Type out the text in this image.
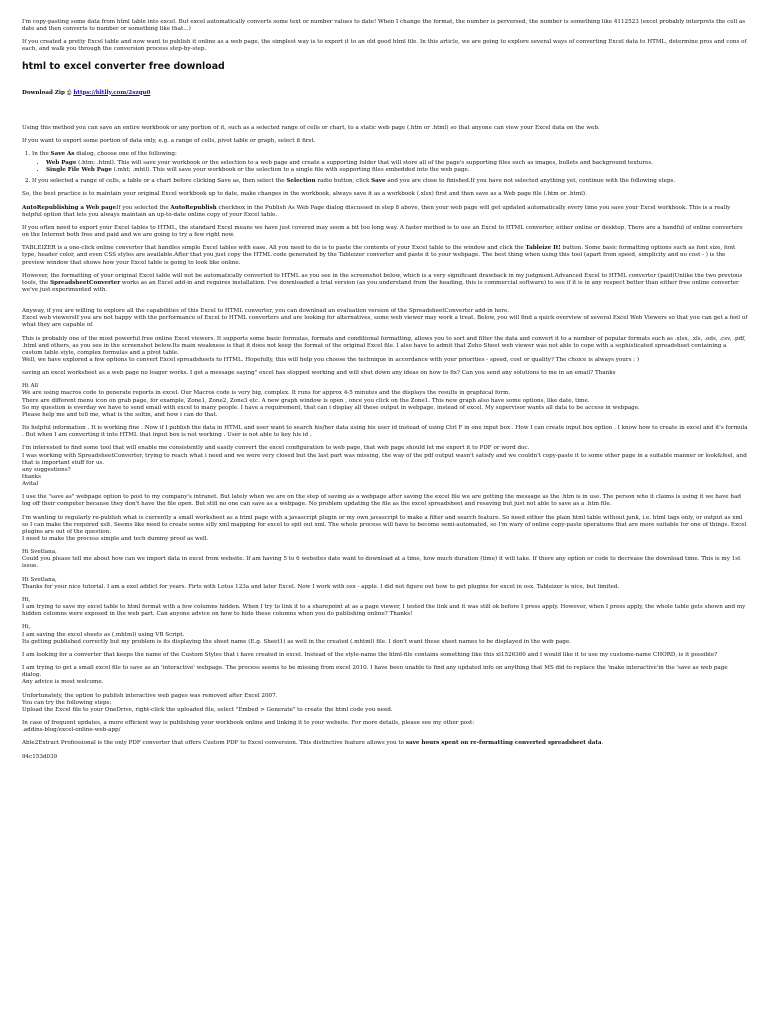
I'm copy-pasting some data from html table into excel. But excel automatically converts some text or number values to date! When I change the format, the number is perversed, the number is something like 4112523 (excel probably interprets the cell as date and then converts to number or something like that...)

If you created a pretty Excel table and now want to publish it online as a web page, the simplest way is to export it to an old good html file. In this article, we are going to explore several ways of converting Excel data to HTML, determine pros and cons of each, and walk you through the conversion process step-by-step.

html to excel converter free download

Download Zip ⎙ https://bltlly.com/2szqu0

Using this method you can save an entire workbook or any portion of it, such as a selected range of cells or chart, to a static web page (.htm or .html) so that anyone can view your Excel data on the web.

If you want to export some portion of data only, e.g. a range of cells, pivot table or graph, select it first.

1. In the Save As dialog, choose one of the following:
• Web Page (.htm; .html). This will save your workbook or the selection to a web page and create a supporting folder that will store all of the page's supporting files such as images, bullets and background textures.
• Single File Web Page (.mht; .mhtl). This will save your workbook or the selection to a single file with supporting files embedded into the web page.
2. If you selected a range of cells, a table or a chart before clicking Save as, then select the Selection radio button, click Save and you are close to finished.If you have not selected anything yet, continue with the following steps.

So, the best practice is to maintain your original Excel workbook up to date, make changes in the workbook, always save it as a workbook (.xlsx) first and then save as a Web page file (.htm or .html).

AutoRepublishing a Web pageIf you selected the AutoRepublish checkbox in the Publish As Web Page dialog discussed in step 8 above, then your web page will get updated automatically every time you save your Excel workbook. This is a really helpful option that lets you always maintain an up-to-date online copy of your Excel table.

If you often need to export your Excel tables to HTML, the standard Excel means we have just covered may seem a bit too long way. A faster method is to use an Excel to HTML converter, either online or desktop. There are a handful of online converters on the Internet both free and paid and we are going to try a few right now.

TABLEIZER is a one-click online converter that handles simple Excel tables with ease. All you need to do is to paste the contents of your Excel table to the window and click the Tableize It! button. Some basic formatting options such as font size, font type, header color, and even CSS styles are available.After that you just copy the HTML code generated by the Tableizer converter and paste it to your webpage. The best thing when using this tool (apart from speed, simplicity and no cost - ) is the preview window that shows how your Excel table is going to look like online.

However, the formatting of your original Excel table will not be automatically converted to HTML as you see in the screenshot below, which is a very significant drawback in my judgment.Advanced Excel to HTML converter (paid)Unlike the two previous tools, the SpreadsheetConverter works as an Excel add-in and requires installation. I've downloaded a trial version (as you understand from the heading, this is commercial software) to see if it is in any respect better than either free online converter we've just experimented with.

Anyway, if you are willing to explore all the capabilities of this Excel to HTML converter, you can download an evaluation version of the SpreadsheetConverter add-in here.
Excel web viewersIf you are not happy with the performance of Excel to HTML converters and are looking for alternatives, some web viewer may work a treat. Below, you will find a quick overview of several Excel Web Viewers so that you can get a feel of what they are capable of.

This is probably one of the most powerful free online Excel viewers. It supports some basic formulas, formats and conditional formatting, allows you to sort and filter the data and convert it to a number of popular formats such as .xlsx, .xls, .ods, .csv, .pdf, .html and others, as you see in the screenshot below.Its main weakness is that it does not keep the format of the original Excel file. I also have to admit that Zoho Sheet web viewer was not able to cope with a sophisticated spreadsheet containing a custom table style, complex formulas and a pivot table.
Well, we have explored a few options to convert Excel spreadsheets to HTML. Hopefully, this will help you choose the technique in accordance with your priorities - speed, cost or quality? The choice is always yours : )

saving an excel worksheet as a web page no loager works. I get a message saying" excel has stopped working and will shut down any ideas on how to fix? Can you send any solutions to me in an email? Thanks

Hi All
We are using macros code to generate reports in excel. Our Macros code is very big, complex. It runs for approx 4-5 minutes and the displays the results in graphical form.
There are different menu icon on grab page, for example, Zone1, Zone2, Zone3 etc. A new graph window is open , once you click on the Zone1. This new graph also have some options, like date, time.
So my question is everday we have to send email with excel to many people. I have a requirement, that can i display all these output in webpage, instead of excel. My supervisor wants all data to be access in webpage.
Please help me and tell me, what is the soltin, and how i can do that.

Its helpful information . It is working fine . Now if I publish the data in HTML and user want to search his/her data using his user id instead of using Ctrl F in one input box . How I can create input box option . I know how to create in excel and it's formula . But when I am converting it into HTML that input box is not working . User is not able to key his id .

I'm interested to find some tool that will enable me consistently and easily convert the excel configuration to web page, that web page should let me export it to PDF or word doc.
I was working with SpreadsheetConverter, trying to reach what i need and we were very closed but the last part was missing, the way of the pdf output wasn't satisfy and we couldn't copy-paste it to some other page in a suitable manner or look&feel, and that is important stuff for us.
any suggestions?
thanks
Avital

I use the "save as" webpage option to post to my company's intranet. But lately when we are on the step of saving as a webpage after saving the excel file we are getting the message as the .htm is in use. The person who it claims is using it we have had log off their computer because they don't have the file open. But still no one can save as a webpage. No problem updating the file as the excel spreadsheet and resaving but just not able to save as a .htm file.

I'm wanting to regularly re-publish what is currently a small worksheet as a html page with a javascript plugin or my own javascript to make a filter and search feature. So need either the plain html table without junk, i.e. html tags only, or output as xml so I can make the required xslt. Seems like need to create some silly xml mapping for excel to spit out xml. The whole process will have to become semi-automated, so I'm wary of online copy-paste operations that are more suitable for one of things. Excel plugins are out of the question.
I need to make the process simple and tech dummy proof as well.

Hi Svetlana,
Could you please tell me about how can we import data in excel from website. If am having 5 to 6 websites date want to download at a time, how much duration (time) it will take. If there any option or code to decrease the download time. This is my 1st issue.

Hi Svetlana,
Thanks for your nice tutorial. I am a exel addict for years. Firts with Lotus 123a and later Excel. Now I work with osx - apple. I did not figure out how to get plugins for excel in osx. Tableizer is nice, but limited.

Hi,
I am trying to save my excel table to html format with a few columns hidden. When I try to link it to a sharepoint at as a page viewer, I tested the link and it was still ok before I press apply. However, when I press apply, the whole table gets shown and my hidden columns were exposed in the web part. Can anyone advice on how to hide these columns when you do publishing online? Thanks!

Hi,
I am saving the excel sheets as (.mhtml) using VB Script.
Its getting published correctly but my problem is its displaying the sheet name (E.g. Sheet1) as well in the created (.mhtml) file. I don't want these sheet names to be displayed in the web page.

I am looking for a converter that keeps the name of the Custom Styles that i have created in excel. Instead of the style-name the html-file contains something like this xl1526360 and I would like it to use my custome-name CHORD, is it possible?

I am trying to get a small excel file to save as an 'interactive' webpage. The process seems to be missing from excel 2010. I have been unable to find any updated info on anything that MS did to replace the 'make interactive'in the 'save as web page dialog.
Any advice is most welcome.

Unfortunately, the option to publish interactive web pages was removed after Excel 2007.
You can try the following steps:
Upload the Excel file to your OneDrive, right-click the uploaded file, select "Embed > Generate" to create the html code you need.

In case of frequent updates, a more efficient way is publishing your workbook online and linking it to your website. For more details, please see my other post:
.addins-blog/excel-online-web-app/

Able2Extract Professional is the only PDF converter that offers Custom PDF to Excel conversion. This distinctive feature allows you to save hours spent on re-formatting converted spreadsheet data.

94c153d039
